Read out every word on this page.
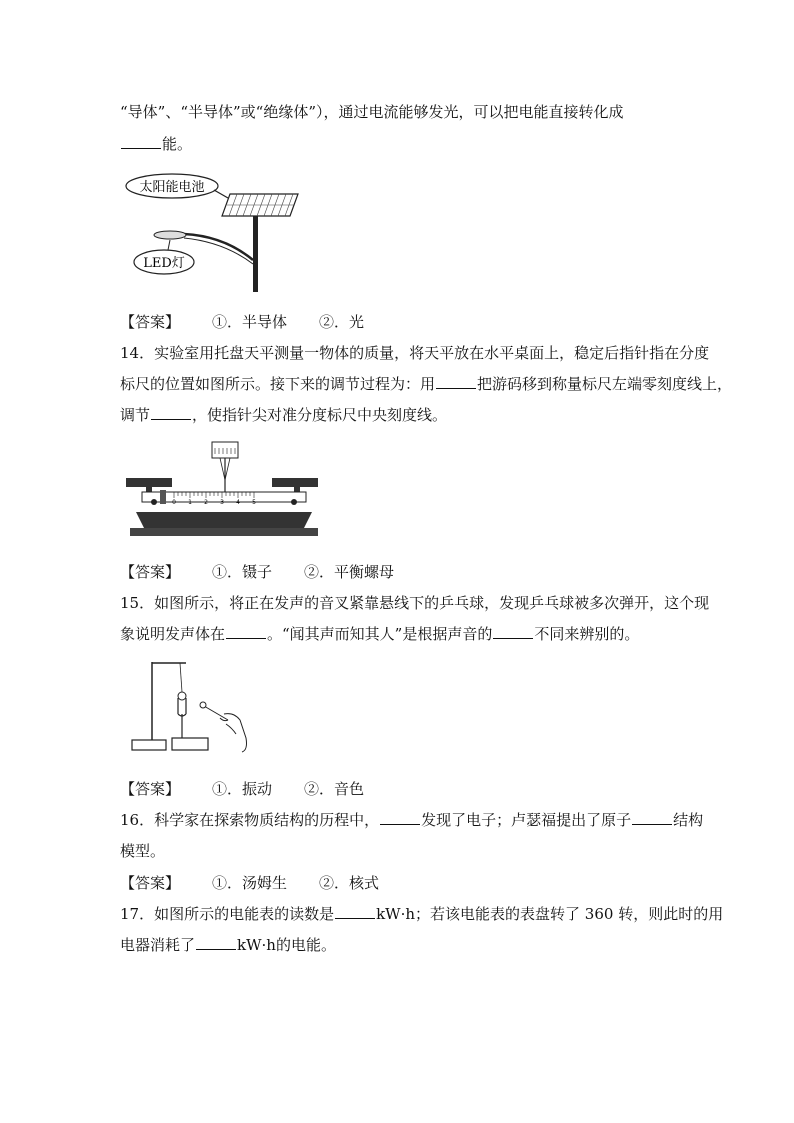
“导体”、“半导体”或“绝缘体”），通过电流能够发光，可以把电能直接转化成
能。
太阳能电池
LED灯
【答案】 ①．半导体 ②．光
14．实验室用托盘天平测量一物体的质量，将天平放在水平桌面上，稳定后指针指在分度
标尺的位置如图所示。接下来的调节过程为：用	把游码移到称量标尺左端零刻度线上，
调节	，使指针尖对准分度标尺中央刻度线。
0 1 2 3 4 5
【答案】 ①．镊子 ②．平衡螺母
15．如图所示，将正在发声的音叉紧靠悬线下的乒乓球，发现乒乓球被多次弹开，这个现
象说明发声体在	。“闻其声而知其人”是根据声音的	不同来辨别的。
【答案】 ①．振动 ②．音色
16．科学家在探索物质结构的历程中，	发现了电子；卢瑟福提出了原子	结构
模型。
【答案】 ①．汤姆生 ②．核式
17．如图所示的电能表的读数是	kW·h；若该电能表的表盘转了 360 转，则此时的用
电器消耗了	kW·h的电能。
